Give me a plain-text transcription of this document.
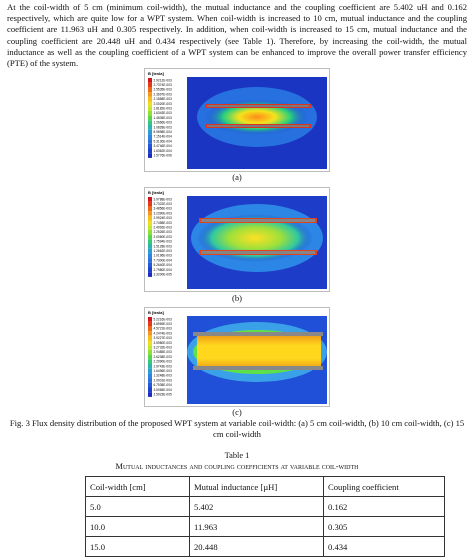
At the coil-width of 5 cm (minimum coil-width), the mutual inductance and the coupling coefficient are 5.402 uH and 0.162 respectively, which are quite low for a WPT system. When coil-width is increased to 10 cm, mutual inductance and the coupling coefficient are 11.963 uH and 0.305 respectively. In addition, when coil-width is increased to 15 cm, mutual inductance and the coupling coefficient are 20.448 uH and 0.434 respectively (see Table 1). Therefore, by increasing the coil-width, the mutual inductance as well as the coupling coefficient of a WPT system can be enhanced to improve the overall power transfer efficiency (PTE) of the system.

B [tesla]
2.9212E-003
2.7374E-003
2.5535E-003
2.3697E-003
2.1858E-003
2.0020E-003
1.8182E-003
1.6343E-003
1.4505E-003
1.2666E-003
1.0828E-003
8.9898E-004
7.1514E-004
5.3130E-004
3.4746E-004
1.6362E-004
1.5776E-006
(a)
B [tesla]
3.9788E-003
3.7322E-003
3.4856E-003
3.2390E-003
2.9924E-003
2.7458E-003
2.4992E-003
2.2526E-003
2.0060E-003
1.7594E-003
1.5128E-003
1.2662E-003
1.0196E-003
7.7300E-004
5.2640E-004
2.7980E-004
3.3200E-005
(b)
B [tesla]
5.2216E-003
4.8969E-003
4.5721E-003
4.2474E-003
3.9227E-003
3.5980E-003
3.2732E-003
2.9485E-003
2.6238E-003
2.2990E-003
1.9743E-003
1.6496E-003
1.3248E-003
1.0001E-003
6.7538E-004
3.5065E-004
2.5923E-005
(c)

Fig. 3 Flux density distribution of the proposed WPT system at variable coil-width: (a) 5 cm coil-width, (b) 10 cm coil-width, (c) 15 cm coil-width

Table 1
Mutual inductances and coupling coefficients at variable coil-width
Coil-width [cm]	Mutual inductance [µH]	Coupling coefficient
5.0	5.402	0.162
10.0	11.963	0.305
15.0	20.448	0.434
